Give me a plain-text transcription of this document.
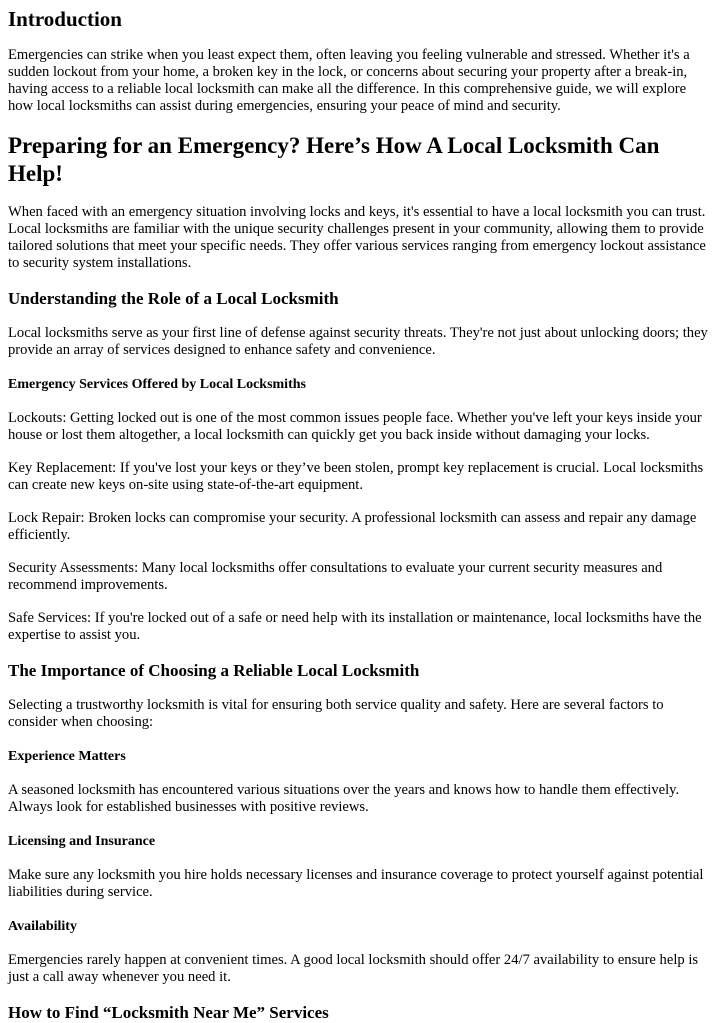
Introduction

Emergencies can strike when you least expect them, often leaving you feeling vulnerable and stressed. Whether it's a sudden lockout from your home, a broken key in the lock, or concerns about securing your property after a break-in, having access to a reliable local locksmith can make all the difference. In this comprehensive guide, we will explore how local locksmiths can assist during emergencies, ensuring your peace of mind and security.

Preparing for an Emergency? Here’s How A Local Locksmith Can Help!

When faced with an emergency situation involving locks and keys, it's essential to have a local locksmith you can trust. Local locksmiths are familiar with the unique security challenges present in your community, allowing them to provide tailored solutions that meet your specific needs. They offer various services ranging from emergency lockout assistance to security system installations.

Understanding the Role of a Local Locksmith

Local locksmiths serve as your first line of defense against security threats. They're not just about unlocking doors; they provide an array of services designed to enhance safety and convenience.

Emergency Services Offered by Local Locksmiths

Lockouts: Getting locked out is one of the most common issues people face. Whether you've left your keys inside your house or lost them altogether, a local locksmith can quickly get you back inside without damaging your locks.

Key Replacement: If you've lost your keys or they’ve been stolen, prompt key replacement is crucial. Local locksmiths can create new keys on-site using state-of-the-art equipment.

Lock Repair: Broken locks can compromise your security. A professional locksmith can assess and repair any damage efficiently.

Security Assessments: Many local locksmiths offer consultations to evaluate your current security measures and recommend improvements.

Safe Services: If you're locked out of a safe or need help with its installation or maintenance, local locksmiths have the expertise to assist you.

The Importance of Choosing a Reliable Local Locksmith

Selecting a trustworthy locksmith is vital for ensuring both service quality and safety. Here are several factors to consider when choosing:

Experience Matters

A seasoned locksmith has encountered various situations over the years and knows how to handle them effectively. Always look for established businesses with positive reviews.

Licensing and Insurance

Make sure any locksmith you hire holds necessary licenses and insurance coverage to protect yourself against potential liabilities during service.

Availability

Emergencies rarely happen at convenient times. A good local locksmith should offer 24/7 availability to ensure help is just a call away whenever you need it.

How to Find “Locksmith Near Me” Services
